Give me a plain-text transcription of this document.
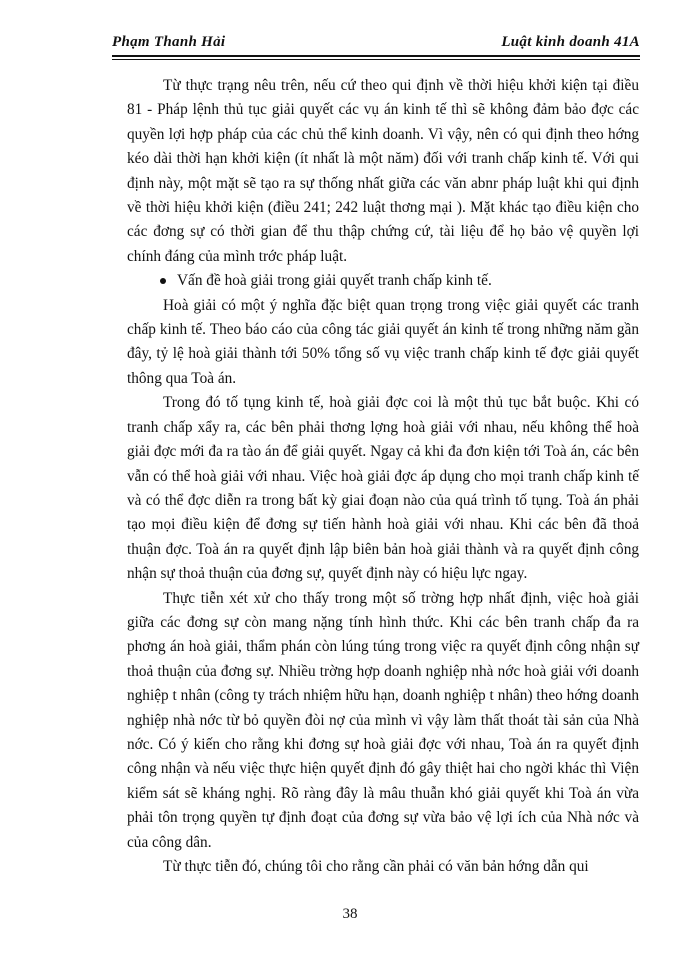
Phạm Thanh Hải	Luật kinh doanh 41A

Từ thực trạng nêu trên, nếu cứ theo qui định về thời hiệu khởi kiện tại điều 81 - Pháp lệnh thủ tục giải quyết các vụ án kinh tế thì sẽ không đảm bảo đợc các quyền lợi hợp pháp của các chủ thể kinh doanh. Vì vậy, nên có qui định theo hớng kéo dài thời hạn khởi kiện (ít nhất là một năm) đối với tranh chấp kinh tế. Với qui định này, một mặt sẽ tạo ra sự thống nhất giữa các văn abnr pháp luật khi qui định về thời hiệu khởi kiện (điều 241; 242 luật thơng mại ). Mặt khác tạo điều kiện cho các đơng sự có thời gian để thu thập chứng cứ, tài liệu để họ bảo vệ quyền lợi chính đáng của mình trớc pháp luật.

Vấn đề hoà giải trong giải quyết tranh chấp kinh tế.

Hoà giải có một ý nghĩa đặc biệt quan trọng trong việc giải quyết các tranh chấp kinh tế. Theo báo cáo của công tác giải quyết án kinh tế trong những năm gần đây, tỷ lệ hoà giải thành tới 50% tổng số vụ việc tranh chấp kinh tế đợc giải quyết thông qua Toà án.

Trong đó tố tụng kinh tế, hoà giải đợc coi là một thủ tục bắt buộc. Khi có tranh chấp xẩy ra, các bên phải thơng lợng hoà giải với nhau, nếu không thể hoà giải đợc mới đa ra tào án để giải quyết. Ngay cả khi đa đơn kiện tới Toà án, các bên vẫn có thể hoà giải với nhau. Việc hoà giải đợc áp dụng cho mọi tranh chấp kinh tế và có thể đợc diễn ra trong bất kỳ giai đoạn nào của quá trình tố tụng. Toà án phải tạo mọi điều kiện để đơng sự tiến hành hoà giải với nhau. Khi các bên đã thoả thuận đợc. Toà án ra quyết định lập biên bản hoà giải thành và ra quyết định công nhận sự thoả thuận của đơng sự, quyết định này có hiệu lực ngay.

Thực tiễn xét xử cho thấy trong một số trờng hợp nhất định, việc hoà giải giữa các đơng sự còn mang nặng tính hình thức. Khi các bên tranh chấp đa ra phơng án hoà giải, thẩm phán còn lúng túng trong việc ra quyết định công nhận sự thoả thuận của đơng sự. Nhiều trờng hợp doanh nghiệp nhà nớc hoà giải với doanh nghiệp t nhân (công ty trách nhiệm hữu hạn, doanh nghiệp t nhân) theo hớng doanh nghiệp nhà nớc từ bỏ quyền đòi nợ của mình vì vậy làm thất thoát tài sản của Nhà nớc. Có ý kiến cho rằng khi đơng sự hoà giải đợc với nhau, Toà án ra quyết định công nhận và nếu việc thực hiện quyết định đó gây thiệt hai cho ngời khác thì Viện kiểm sát sẽ kháng nghị. Rõ ràng đây là mâu thuẫn khó giải quyết khi Toà án vừa phải tôn trọng quyền tự định đoạt của đơng sự vừa bảo vệ lợi ích của Nhà nớc và của công dân.

Từ thực tiễn đó, chúng tôi cho rằng cần phải có văn bản hớng dẫn qui

38
